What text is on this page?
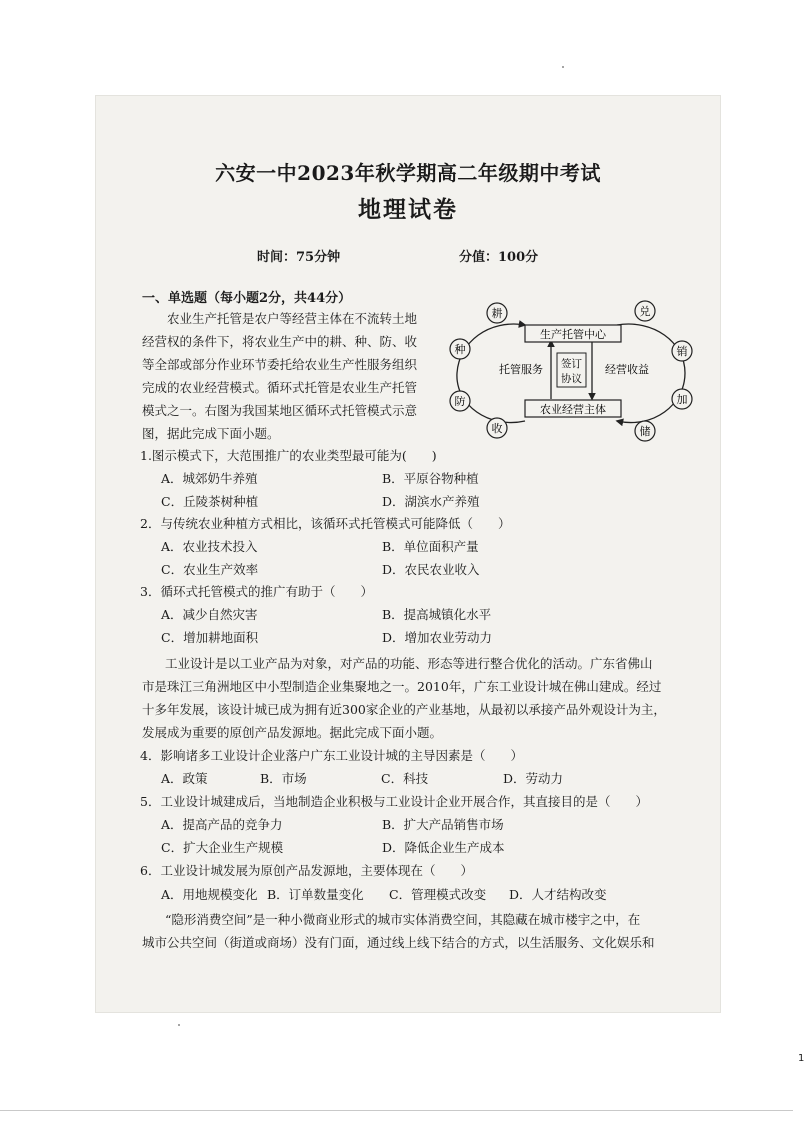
六安一中2023年秋学期高二年级期中考试
地理试卷
时间：75分钟	分值：100分
一、单选题（每小题2分，共44分）
农业生产托管是农户等经营主体在不流转土地
经营权的条件下，将农业生产中的耕、种、防、收
等全部或部分作业环节委托给农业生产性服务组织
完成的农业经营模式。循环式托管是农业生产托管
模式之一。右图为我国某地区循环式托管模式示意
图，据此完成下面小题。
生产托管中心
农业经营主体
签订
协议
托管服务	经营收益
耕
种
防
收
兑
销
加
储
1.图示模式下，大范围推广的农业类型最可能为(　　)
A．城郊奶牛养殖	B．平原谷物种植
C．丘陵茶树种植	D．湖滨水产养殖
2．与传统农业种植方式相比，该循环式托管模式可能降低（　　）
A．农业技术投入	B．单位面积产量
C．农业生产效率	D．农民农业收入
3．循环式托管模式的推广有助于（　　）
A．减少自然灾害	B．提高城镇化水平
C．增加耕地面积	D．增加农业劳动力
工业设计是以工业产品为对象，对产品的功能、形态等进行整合优化的活动。广东省佛山
市是珠江三角洲地区中小型制造企业集聚地之一。2010年，广东工业设计城在佛山建成。经过
十多年发展，该设计城已成为拥有近300家企业的产业基地，从最初以承接产品外观设计为主，
发展成为重要的原创产品发源地。据此完成下面小题。
4．影响诸多工业设计企业落户广东工业设计城的主导因素是（　　）
A．政策	B．市场	C．科技	D．劳动力
5．工业设计城建成后，当地制造企业积极与工业设计企业开展合作，其直接目的是（　　）
A．提高产品的竞争力	B．扩大产品销售市场
C．扩大企业生产规模	D．降低企业生产成本
6．工业设计城发展为原创产品发源地，主要体现在（　　）
A．用地规模变化 B．订单数量变化 C．管理模式改变 D．人才结构改变
“隐形消费空间”是一种小微商业形式的城市实体消费空间，其隐藏在城市楼宇之中，在
城市公共空间（街道或商场）没有门面，通过线上线下结合的方式，以生活服务、文化娱乐和
1
